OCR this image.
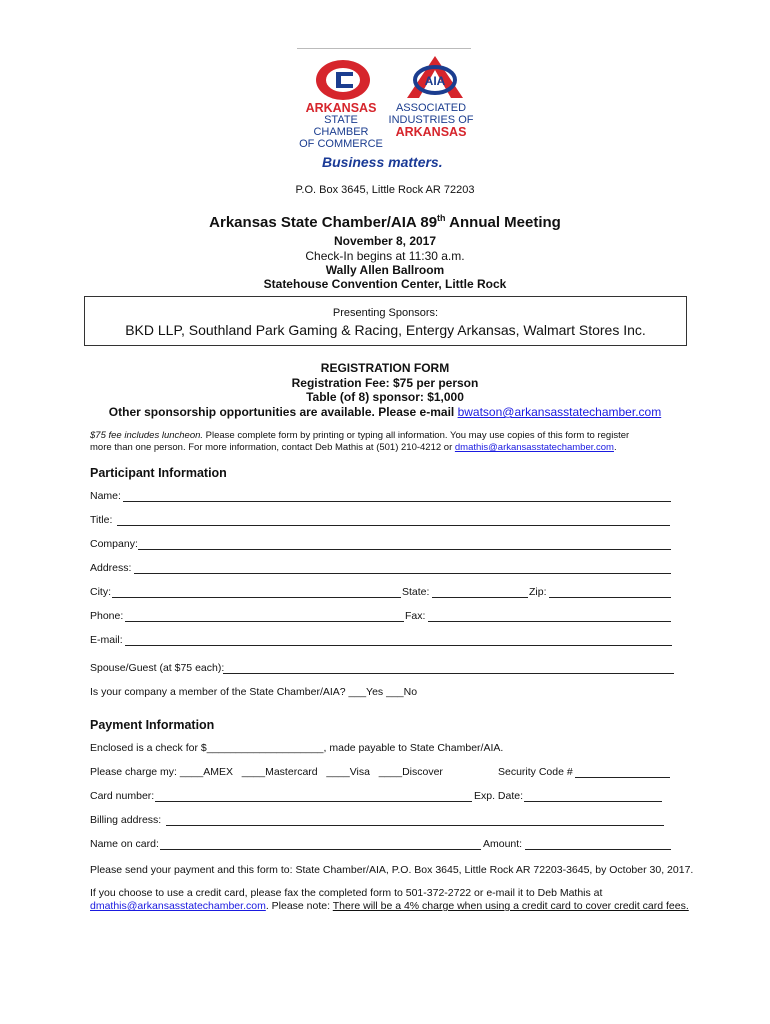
AIA
ARKANSAS
STATE CHAMBER
OF COMMERCE
ASSOCIATED
INDUSTRIES OF
ARKANSAS
Business matters.
P.O. Box 3645, Little Rock AR 72203
Arkansas State Chamber/AIA 89th Annual Meeting
November 8, 2017
Check-In begins at 11:30 a.m.
Wally Allen Ballroom
Statehouse Convention Center, Little Rock
Presenting Sponsors:
BKD LLP, Southland Park Gaming & Racing, Entergy Arkansas, Walmart Stores Inc.
REGISTRATION FORM
Registration Fee: $75 per person
Table (of 8) sponsor: $1,000
Other sponsorship opportunities are available. Please e-mail bwatson@arkansasstatechamber.com
$75 fee includes luncheon. Please complete form by printing or typing all information. You may use copies of this form to register
more than one person. For more information, contact Deb Mathis at (501) 210-4212 or dmathis@arkansasstatechamber.com.
Participant Information
Name:
Title:
Company:
Address:
City:	State:	Zip:
Phone:	Fax:
E-mail:
Spouse/Guest (at $75 each):
Is your company a member of the State Chamber/AIA? ___Yes ___No
Payment Information
Enclosed is a check for $____________________, made payable to State Chamber/AIA.
Please charge my: ____AMEX   ____Mastercard   ____Visa   ____Discover	Security Code #
Card number:	Exp. Date:
Billing address:
Name on card:	Amount:
Please send your payment and this form to: State Chamber/AIA, P.O. Box 3645, Little Rock AR 72203-3645, by October 30, 2017.
If you choose to use a credit card, please fax the completed form to 501-372-2722 or e-mail it to Deb Mathis at
dmathis@arkansasstatechamber.com. Please note: There will be a 4% charge when using a credit card to cover credit card fees.
